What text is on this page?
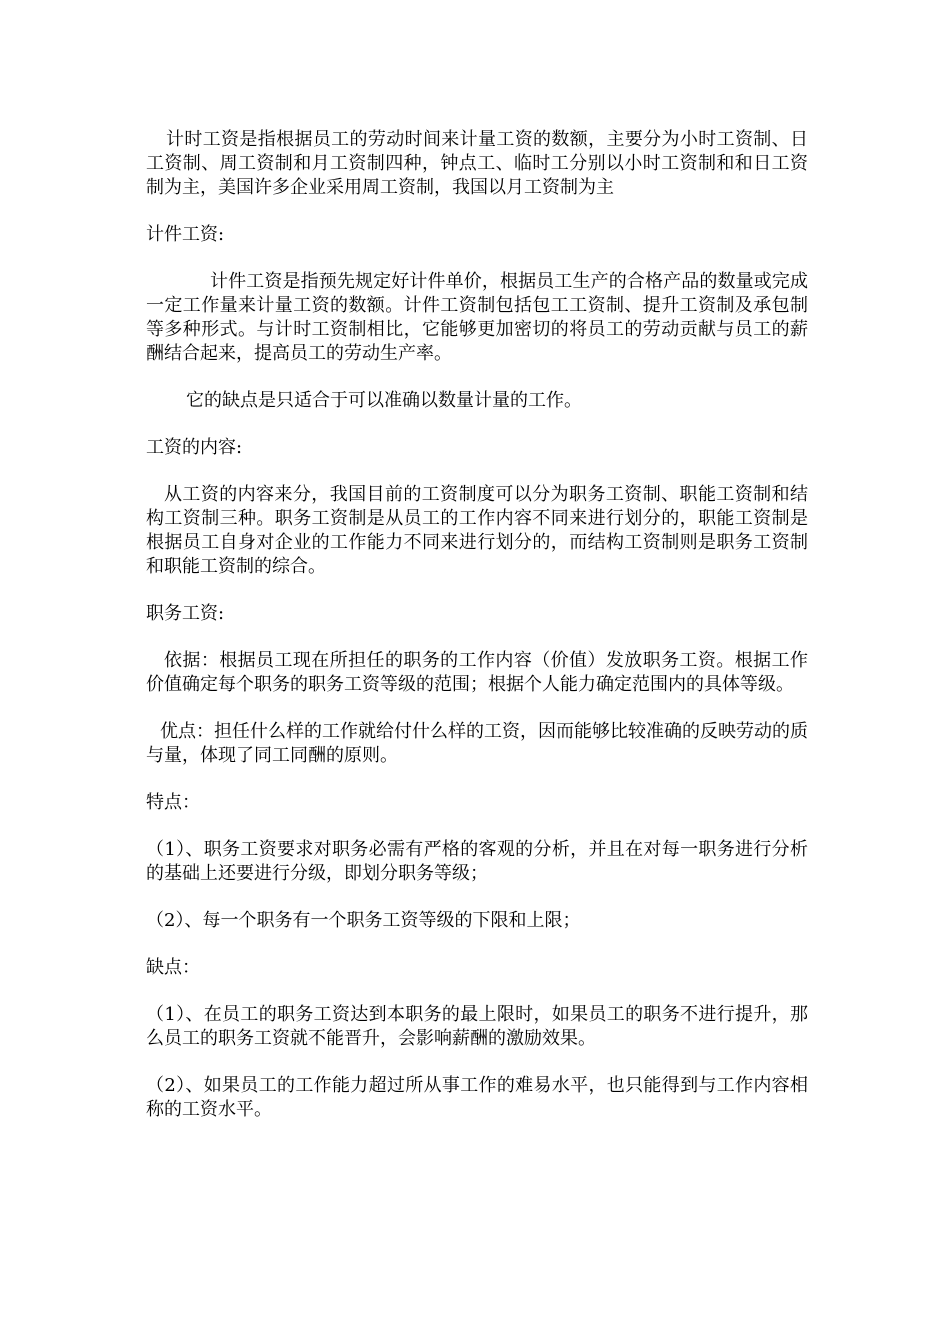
计时工资是指根据员工的劳动时间来计量工资的数额，主要分为小时工资制、日工资制、周工资制和月工资制四种，钟点工、临时工分别以小时工资制和和日工资制为主，美国许多企业采用周工资制，我国以月工资制为主

计件工资:

计件工资是指预先规定好计件单价，根据员工生产的合格产品的数量或完成一定工作量来计量工资的数额。计件工资制包括包工工资制、提升工资制及承包制等多种形式。与计时工资制相比，它能够更加密切的将员工的劳动贡献与员工的薪酬结合起来，提高员工的劳动生产率。

它的缺点是只适合于可以准确以数量计量的工作。

工资的内容:

从工资的内容来分，我国目前的工资制度可以分为职务工资制、职能工资制和结构工资制三种。职务工资制是从员工的工作内容不同来进行划分的，职能工资制是根据员工自身对企业的工作能力不同来进行划分的，而结构工资制则是职务工资制和职能工资制的综合。

职务工资:

依据：根据员工现在所担任的职务的工作内容（价值）发放职务工资。根据工作价值确定每个职务的职务工资等级的范围；根据个人能力确定范围内的具体等级。

优点：担任什么样的工作就给付什么样的工资，因而能够比较准确的反映劳动的质与量，体现了同工同酬的原则。

特点：

（1）、职务工资要求对职务必需有严格的客观的分析，并且在对每一职务进行分析的基础上还要进行分级，即划分职务等级；

（2）、每一个职务有一个职务工资等级的下限和上限；

缺点：

（1）、在员工的职务工资达到本职务的最上限时，如果员工的职务不进行提升，那么员工的职务工资就不能晋升，会影响薪酬的激励效果。

（2）、如果员工的工作能力超过所从事工作的难易水平，也只能得到与工作内容相称的工资水平。
